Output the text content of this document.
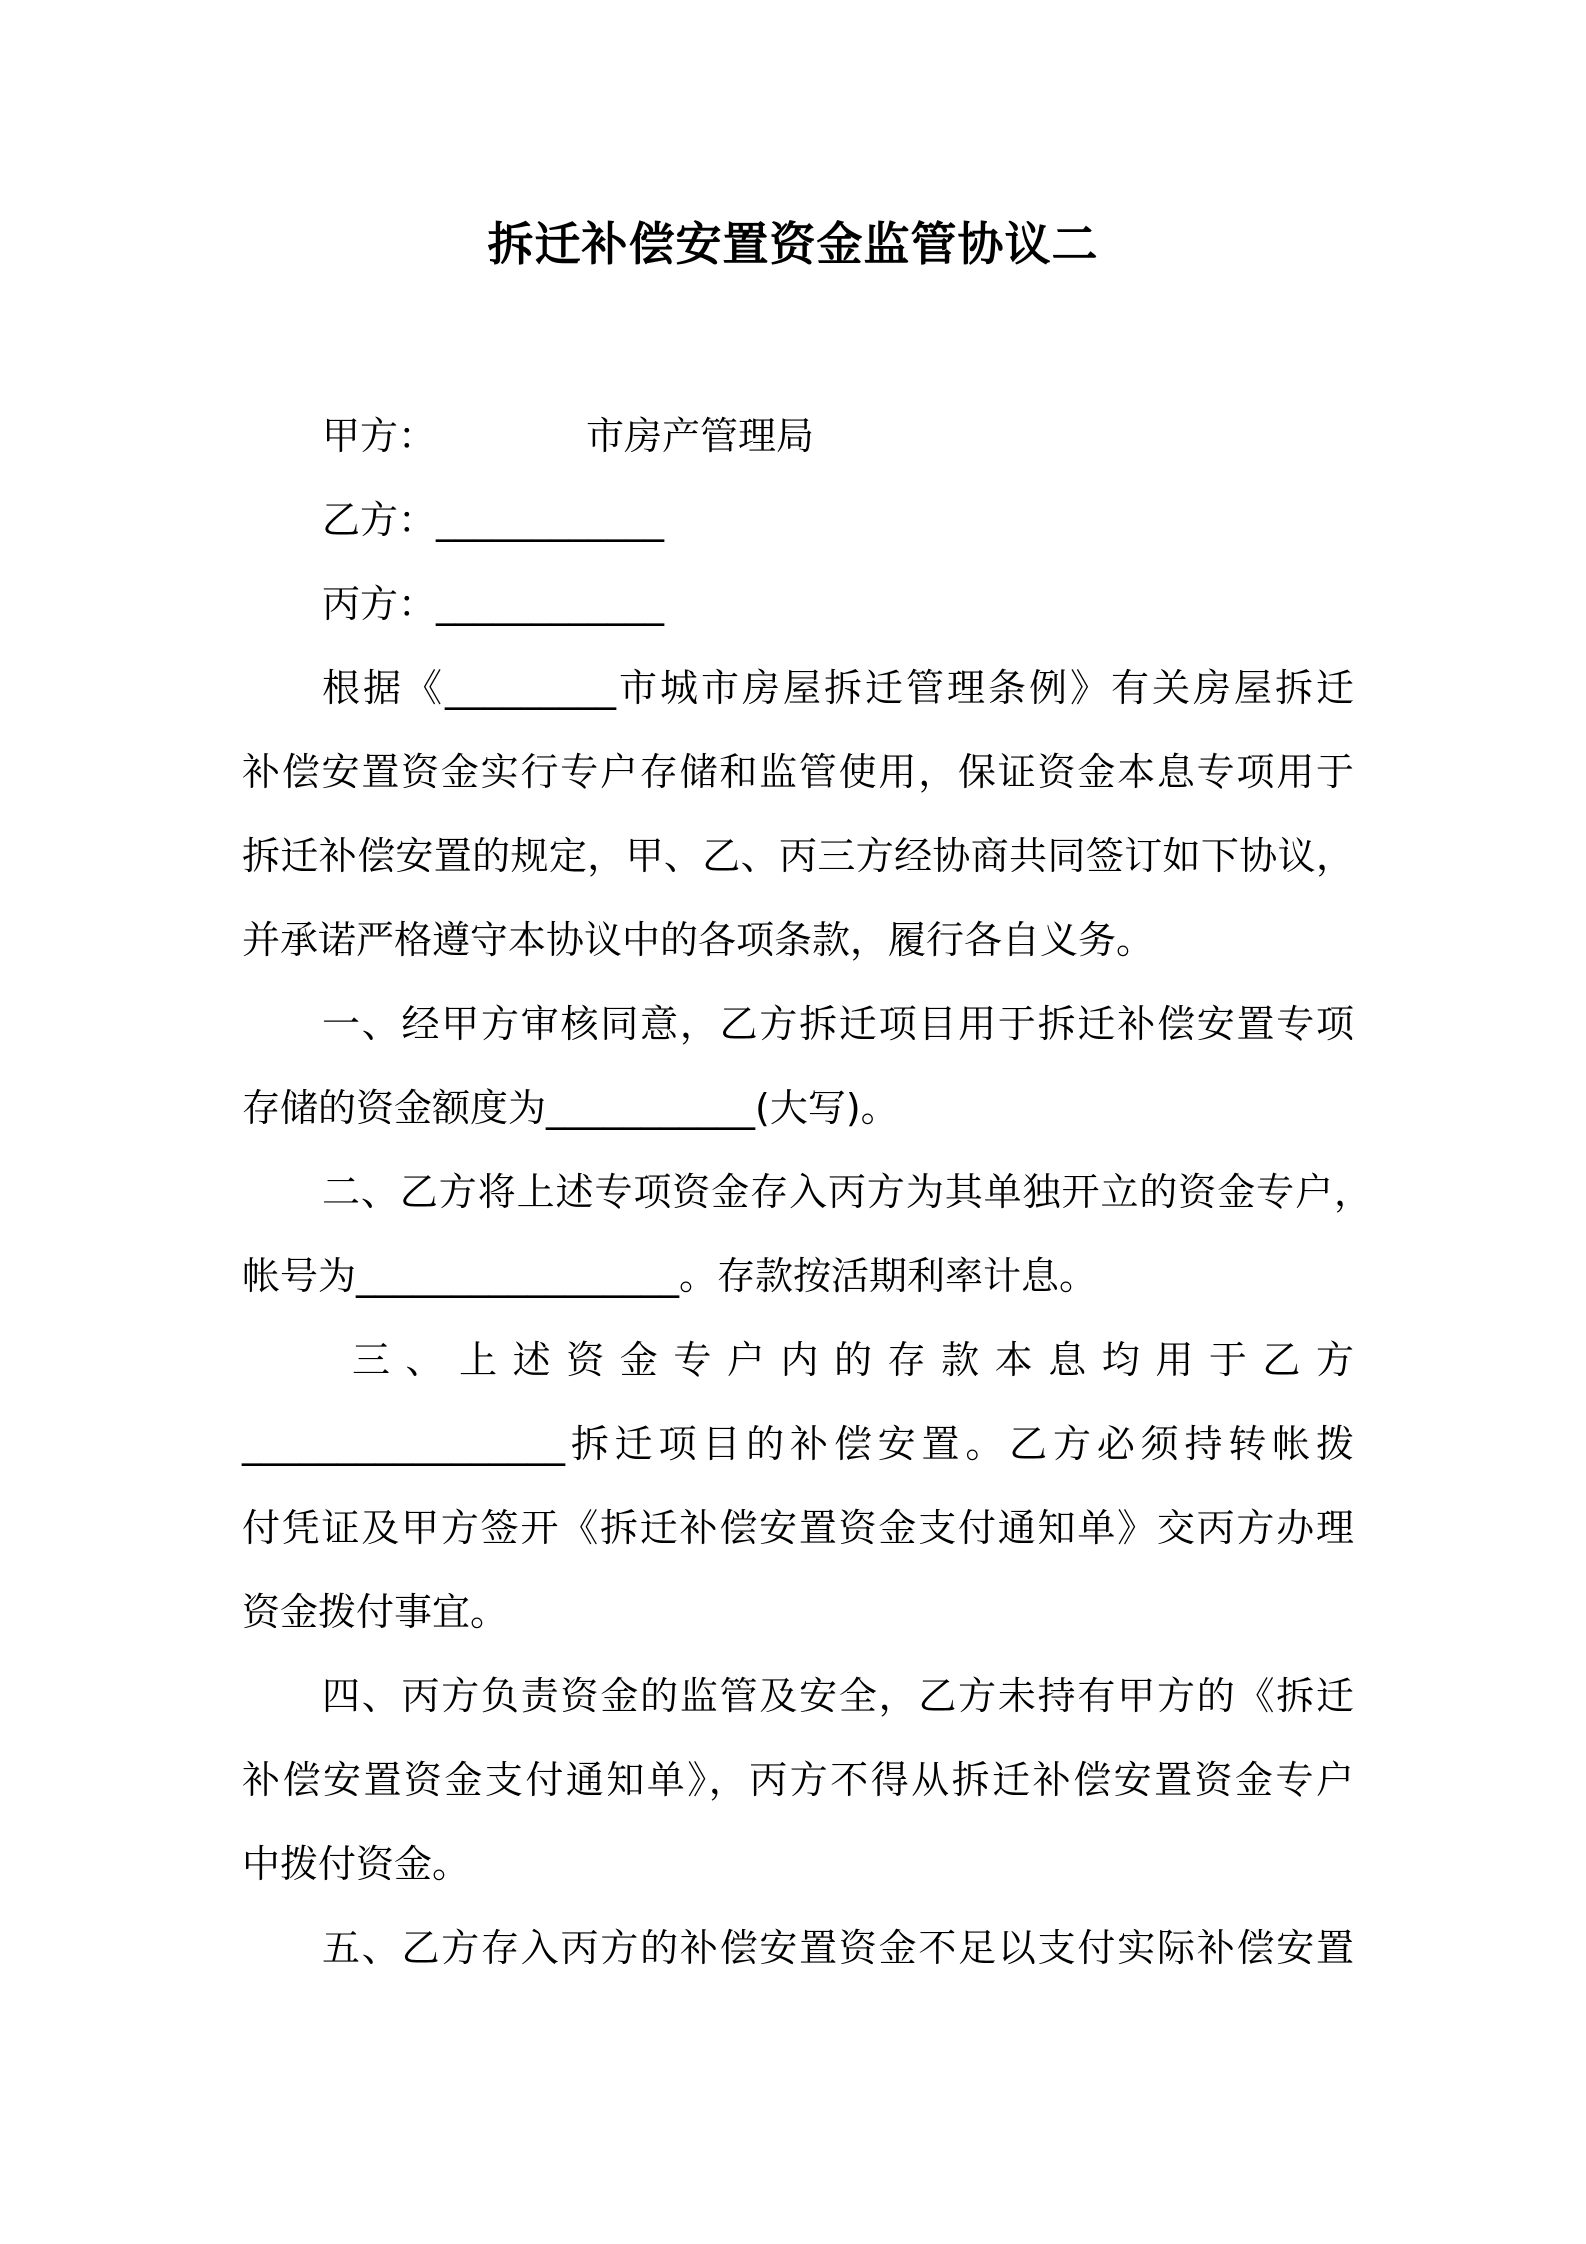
拆迁补偿安置资金监管协议二
甲方：	市房产管理局
乙方：____________
丙方：____________
根据《_________市城市房屋拆迁管理条例》有关房屋拆迁
补偿安置资金实行专户存储和监管使用，保证资金本息专项用于
拆迁补偿安置的规定，甲、乙、丙三方经协商共同签订如下协议，
并承诺严格遵守本协议中的各项条款，履行各自义务。
一、经甲方审核同意，乙方拆迁项目用于拆迁补偿安置专项
存储的资金额度为___________(大写)。
二、乙方将上述专项资金存入丙方为其单独开立的资金专户，
帐号为_________________。存款按活期利率计息。
三、上述资金专户内的存款本息均用于乙方
_________________拆迁项目的补偿安置。乙方必须持转帐拨
付凭证及甲方签开《拆迁补偿安置资金支付通知单》交丙方办理
资金拨付事宜。
四、丙方负责资金的监管及安全，乙方未持有甲方的《拆迁
补偿安置资金支付通知单》，丙方不得从拆迁补偿安置资金专户
中拨付资金。
五、乙方存入丙方的补偿安置资金不足以支付实际补偿安置
